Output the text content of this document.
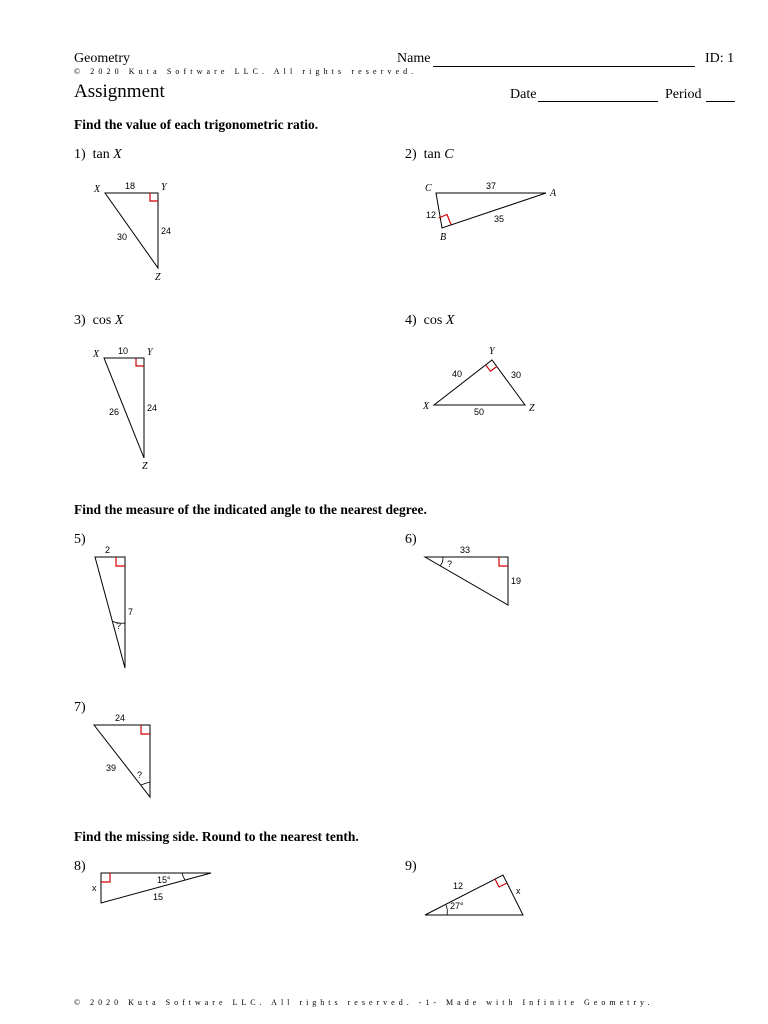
Geometry	Name	ID: 1
© 2020 Kuta Software LLC. All rights reserved.
Assignment	Date	Period
Find the value of each trigonometric ratio.
Find the measure of the indicated angle to the nearest degree.
Find the missing side. Round to the nearest tenth.
1) tan X	2) tan C
3) cos X	4) cos X
5)	6)
7)
8)	9)
X	Y
Z
18
24
30
C	A
B
37
12	35
X	Y
Z
10
24
26	X
Y
Z
40	30
50
2
7
?
33
19
?
24
39
?
x
15°
15
12	x
27°
© 2020 Kuta Software LLC. All rights reserved. -1- Made with Infinite Geometry.
